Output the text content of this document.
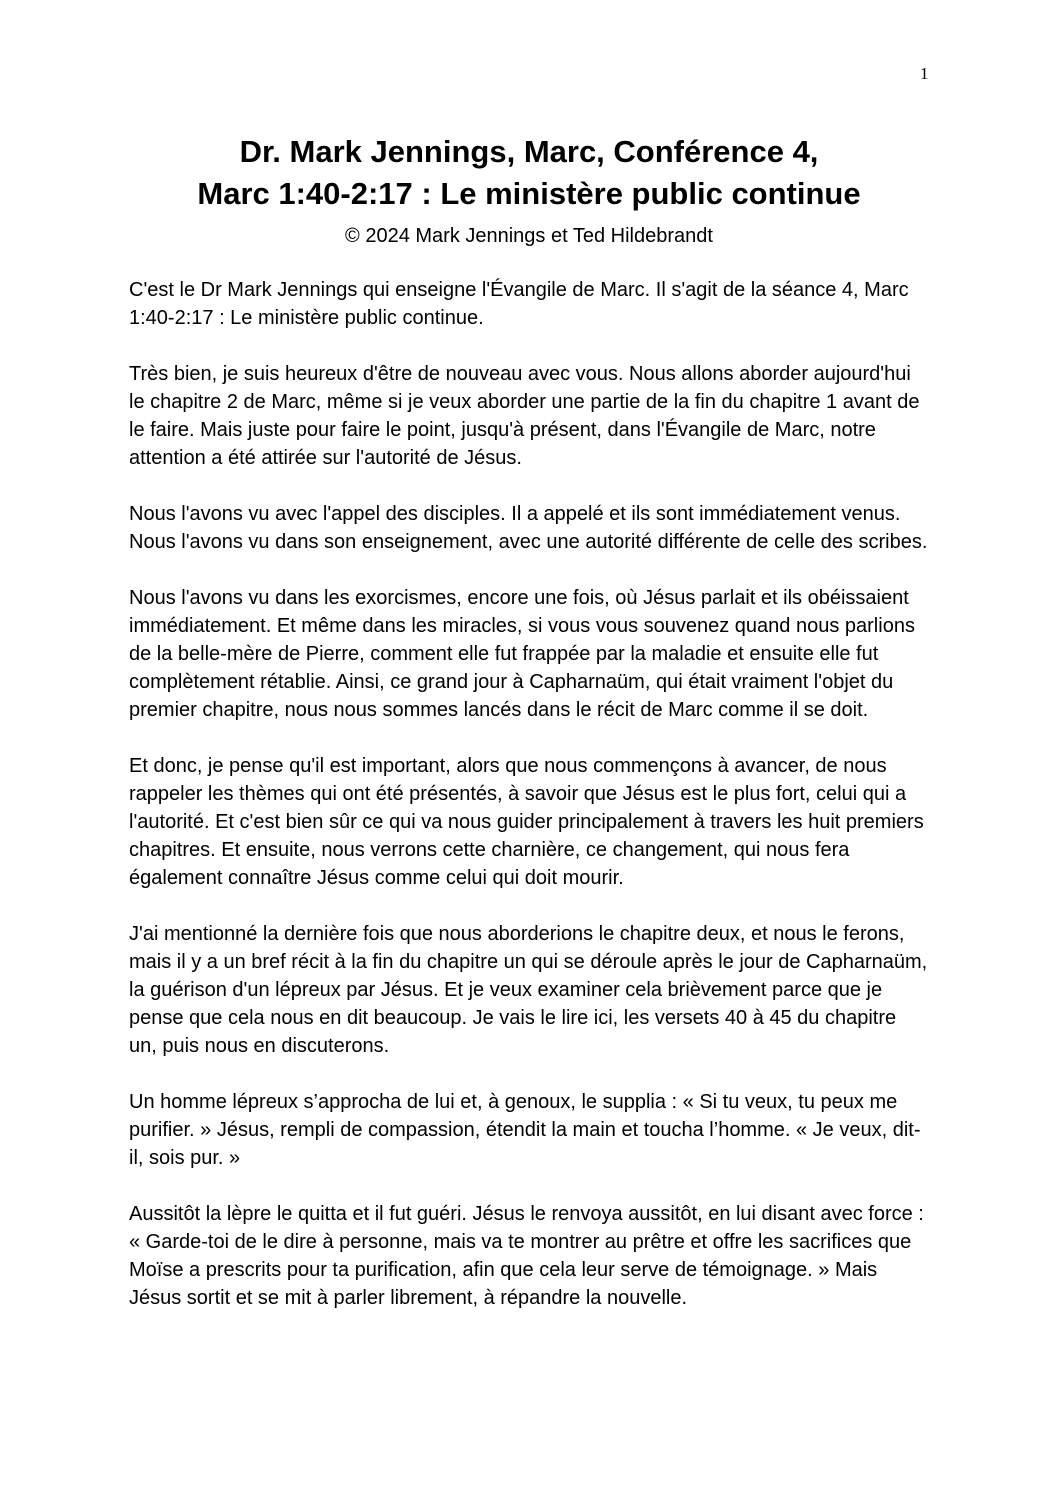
1
Dr. Mark Jennings, Marc, Conférence 4,
Marc 1:40-2:17 : Le ministère public continue

© 2024 Mark Jennings et Ted Hildebrandt

C'est le Dr Mark Jennings qui enseigne l'Évangile de Marc. Il s'agit de la séance 4, Marc 1:40-2:17 : Le ministère public continue.

Très bien, je suis heureux d'être de nouveau avec vous. Nous allons aborder aujourd'hui le chapitre 2 de Marc, même si je veux aborder une partie de la fin du chapitre 1 avant de le faire. Mais juste pour faire le point, jusqu'à présent, dans l'Évangile de Marc, notre attention a été attirée sur l'autorité de Jésus.

Nous l'avons vu avec l'appel des disciples. Il a appelé et ils sont immédiatement venus. Nous l'avons vu dans son enseignement, avec une autorité différente de celle des scribes.

Nous l'avons vu dans les exorcismes, encore une fois, où Jésus parlait et ils obéissaient immédiatement. Et même dans les miracles, si vous vous souvenez quand nous parlions de la belle-mère de Pierre, comment elle fut frappée par la maladie et ensuite elle fut complètement rétablie. Ainsi, ce grand jour à Capharnaüm, qui était vraiment l'objet du premier chapitre, nous nous sommes lancés dans le récit de Marc comme il se doit.

Et donc, je pense qu'il est important, alors que nous commençons à avancer, de nous rappeler les thèmes qui ont été présentés, à savoir que Jésus est le plus fort, celui qui a l'autorité. Et c'est bien sûr ce qui va nous guider principalement à travers les huit premiers chapitres. Et ensuite, nous verrons cette charnière, ce changement, qui nous fera également connaître Jésus comme celui qui doit mourir.

J'ai mentionné la dernière fois que nous aborderions le chapitre deux, et nous le ferons, mais il y a un bref récit à la fin du chapitre un qui se déroule après le jour de Capharnaüm, la guérison d'un lépreux par Jésus. Et je veux examiner cela brièvement parce que je pense que cela nous en dit beaucoup. Je vais le lire ici, les versets 40 à 45 du chapitre un, puis nous en discuterons.

Un homme lépreux s’approcha de lui et, à genoux, le supplia : « Si tu veux, tu peux me purifier. » Jésus, rempli de compassion, étendit la main et toucha l’homme. « Je veux, dit-il, sois pur. »

Aussitôt la lèpre le quitta et il fut guéri. Jésus le renvoya aussitôt, en lui disant avec force : « Garde-toi de le dire à personne, mais va te montrer au prêtre et offre les sacrifices que Moïse a prescrits pour ta purification, afin que cela leur serve de témoignage. » Mais Jésus sortit et se mit à parler librement, à répandre la nouvelle.
